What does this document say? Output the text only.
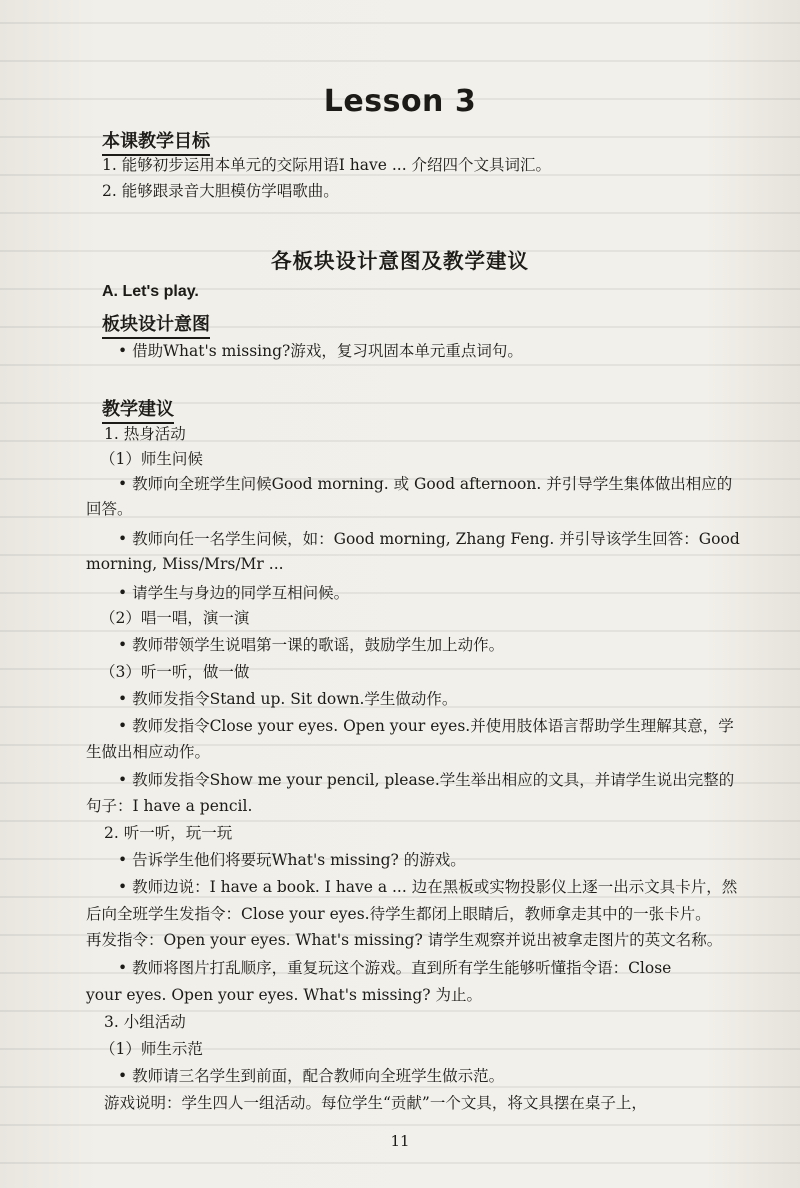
Lesson 3
本课教学目标
1. 能够初步运用本单元的交际用语I have ... 介绍四个文具词汇。
2. 能够跟录音大胆模仿学唱歌曲。
各板块设计意图及教学建议
A. Let's play.
板块设计意图
• 借助What's missing?游戏，复习巩固本单元重点词句。
教学建议
1. 热身活动
（1）师生问候
• 教师向全班学生问候Good morning. 或 Good afternoon. 并引导学生集体做出相应的
回答。
• 教师向任一名学生问候，如：Good morning, Zhang Feng. 并引导该学生回答：Good
morning, Miss/Mrs/Mr ...
• 请学生与身边的同学互相问候。
（2）唱一唱，演一演
• 教师带领学生说唱第一课的歌谣，鼓励学生加上动作。
（3）听一听，做一做
• 教师发指令Stand up. Sit down.学生做动作。
• 教师发指令Close your eyes. Open your eyes.并使用肢体语言帮助学生理解其意，学
生做出相应动作。
• 教师发指令Show me your pencil, please.学生举出相应的文具，并请学生说出完整的
句子：I have a pencil.
2. 听一听，玩一玩
• 告诉学生他们将要玩What's missing? 的游戏。
• 教师边说：I have a book. I have a ... 边在黑板或实物投影仪上逐一出示文具卡片，然
后向全班学生发指令：Close your eyes.待学生都闭上眼睛后，教师拿走其中的一张卡片。
再发指令：Open your eyes. What's missing? 请学生观察并说出被拿走图片的英文名称。
• 教师将图片打乱顺序，重复玩这个游戏。直到所有学生能够听懂指令语：Close
your eyes. Open your eyes. What's missing? 为止。
3. 小组活动
（1）师生示范
• 教师请三名学生到前面，配合教师向全班学生做示范。
游戏说明：学生四人一组活动。每位学生“贡献”一个文具，将文具摆在桌子上，
11
